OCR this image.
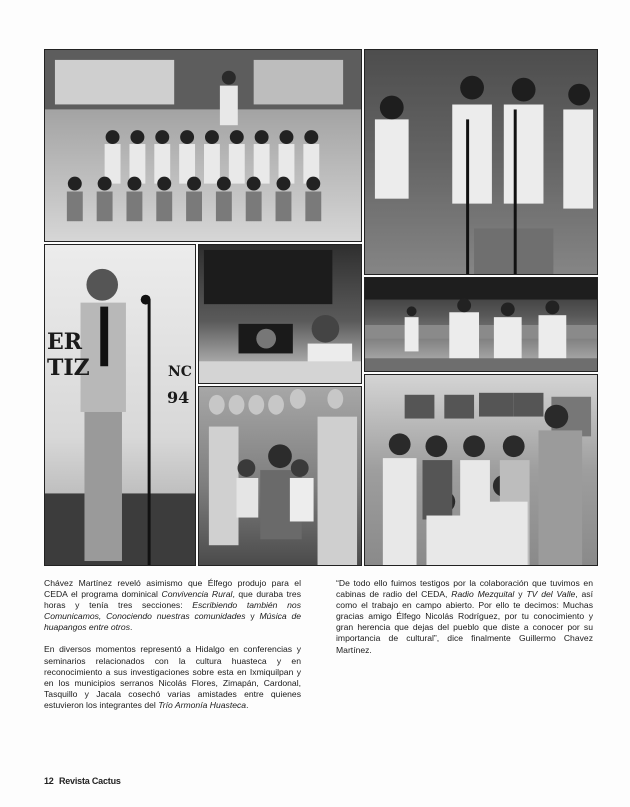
ER
TIZ	NC
94

Chávez Martínez reveló asimismo que Élfego produjo para el CEDA el programa dominical Convivencia Rural, que duraba tres horas y tenía tres secciones: Escribiendo también nos Comunicamos, Conociendo nuestras comunidades y Música de huapangos entre otros.

En diversos momentos representó a Hidalgo en conferencias y seminarios relacionados con la cultura huasteca y en reconocimiento a sus investigaciones sobre esta en Ixmiquilpan y en los municipios serranos Nicolás Flores, Zimapán, Cardonal, Tasquillo y Jacala cosechó varias amistades entre quienes estuvieron los integrantes del Trío Armonía Huasteca.

“De todo ello fuimos testigos por la colaboración que tuvimos en cabinas de radio del CEDA, Radio Mezquital y TV del Valle, así como el trabajo en campo abierto. Por ello te decimos: Muchas gracias amigo Élfego Nicolás Rodríguez, por tu conocimiento y gran herencia que dejas del pueblo que diste a conocer por su importancia de cultural”, dice finalmente Guillermo Chavez Martínez.

12 Revista Cactus
